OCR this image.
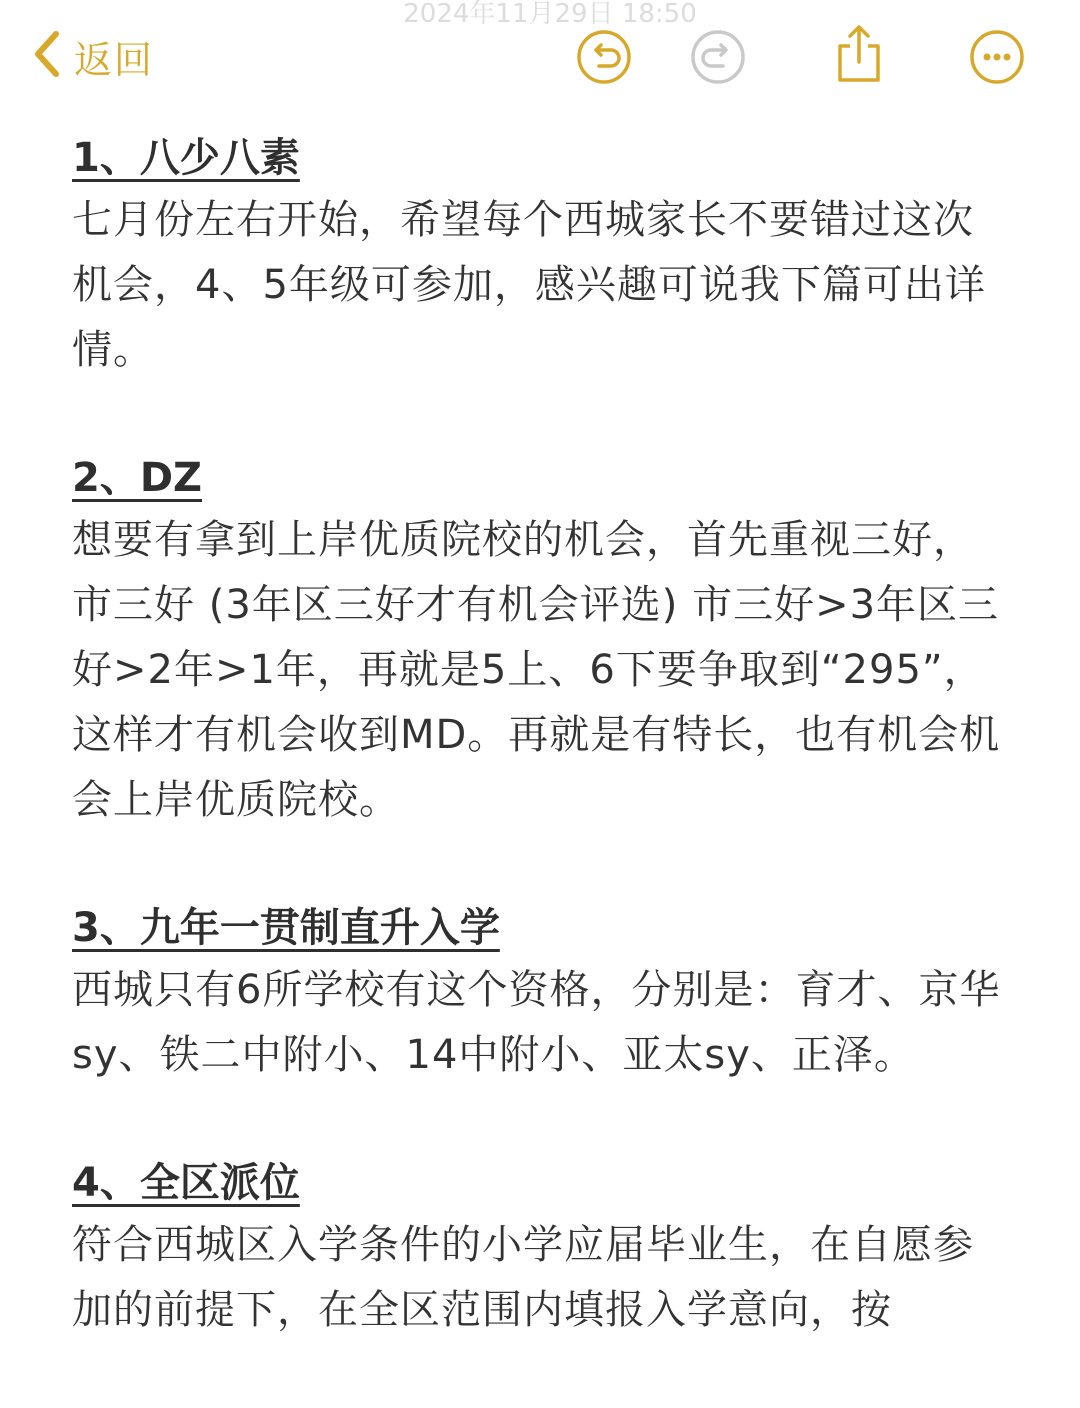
2024年11月29日 18:50
返回
1、八少八素

七月份左右开始，希望每个西城家长不要错过这次机会，4、5年级可参加，感兴趣可说我下篇可出详情。

2、DZ

想要有拿到上岸优质院校的机会，首先重视三好，市三好 (3年区三好才有机会评选) 市三好>3年区三好>2年>1年，再就是5上、6下要争取到“295”，这样才有机会收到MD。再就是有特长，也有机会机会上岸优质院校。

3、九年一贯制直升入学

西城只有6所学校有这个资格，分别是：育才、京华sy、铁二中附小、14中附小、亚太sy、正泽。

4、全区派位

符合西城区入学条件的小学应届毕业生，在自愿参加的前提下，在全区范围内填报入学意向，按
